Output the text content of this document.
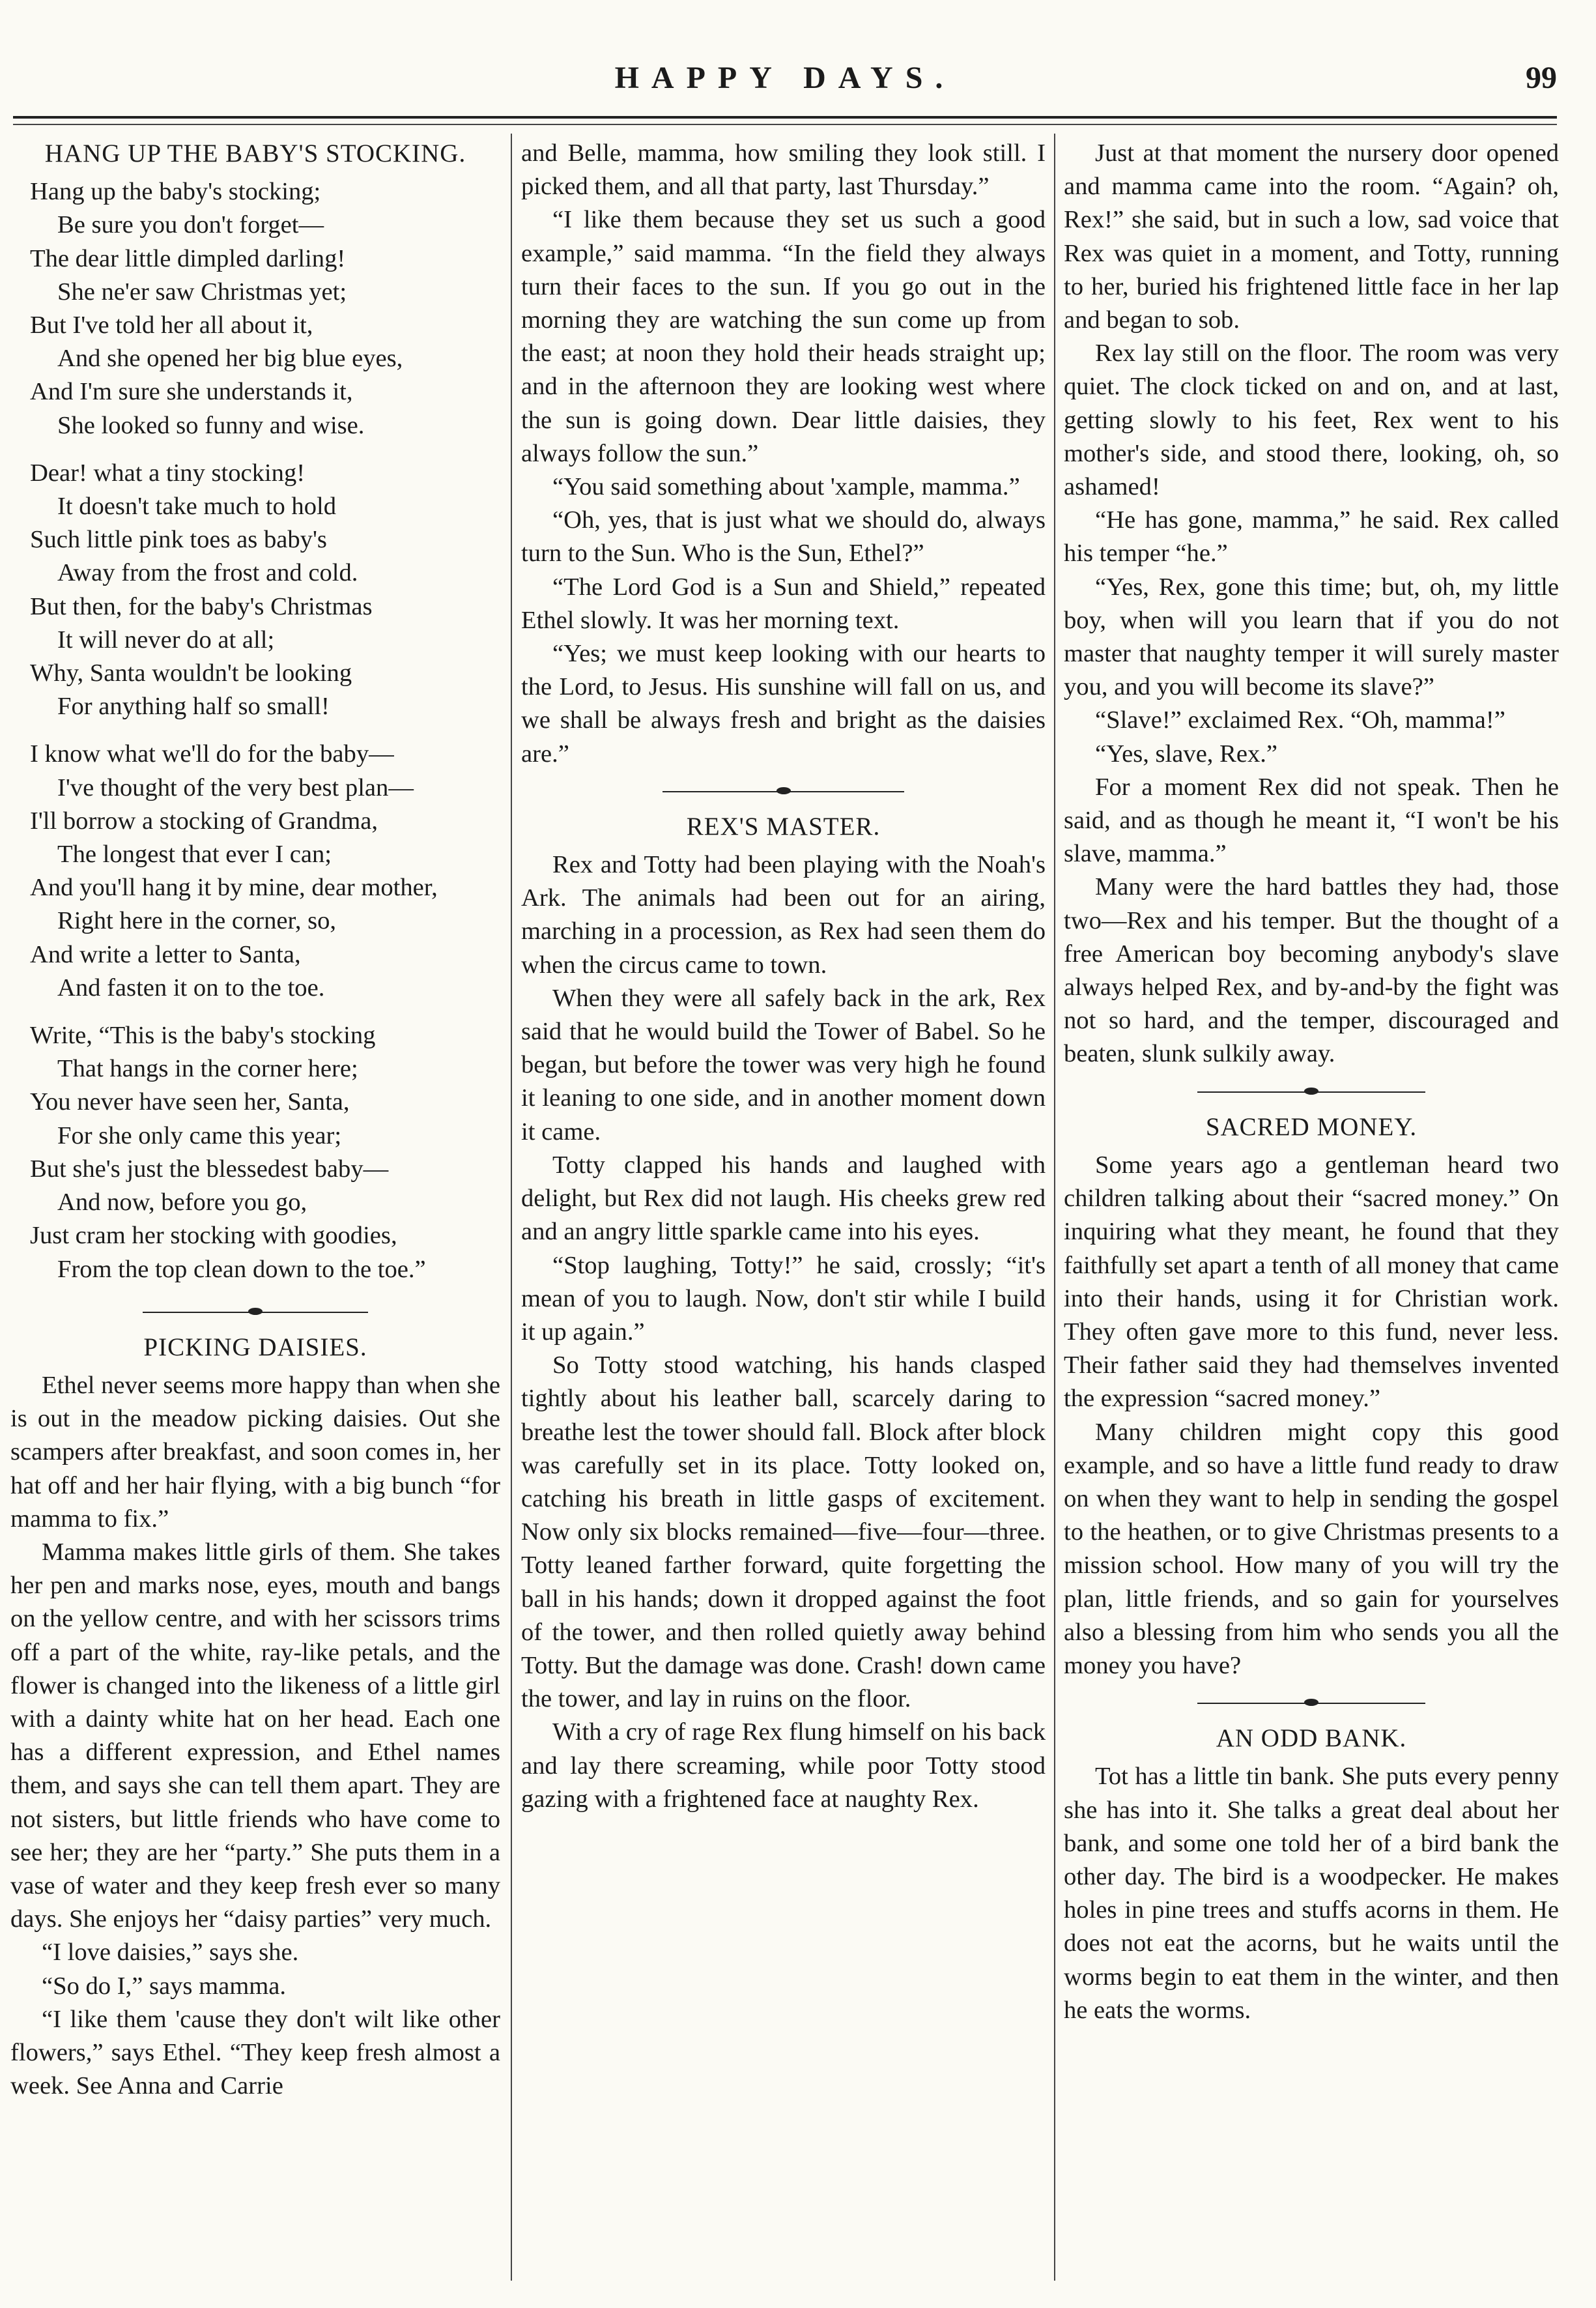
HAPPY DAYS.	99
HANG UP THE BABY'S STOCKING.
Hang up the baby's stocking;
Be sure you don't forget—
The dear little dimpled darling!
She ne'er saw Christmas yet;
But I've told her all about it,
And she opened her big blue eyes,
And I'm sure she understands it,
She looked so funny and wise.
Dear! what a tiny stocking!
It doesn't take much to hold
Such little pink toes as baby's
Away from the frost and cold.
But then, for the baby's Christmas
It will never do at all;
Why, Santa wouldn't be looking
For anything half so small!
I know what we'll do for the baby—
I've thought of the very best plan—
I'll borrow a stocking of Grandma,
The longest that ever I can;
And you'll hang it by mine, dear mother,
Right here in the corner, so,
And write a letter to Santa,
And fasten it on to the toe.
Write, “This is the baby's stocking
That hangs in the corner here;
You never have seen her, Santa,
For she only came this year;
But she's just the blessedest baby—
And now, before you go,
Just cram her stocking with goodies,
From the top clean down to the toe.”
PICKING DAISIES.

Ethel never seems more happy than when she is out in the meadow picking daisies. Out she scampers after breakfast, and soon comes in, her hat off and her hair flying, with a big bunch “for mamma to fix.”

Mamma makes little girls of them. She takes her pen and marks nose, eyes, mouth and bangs on the yellow centre, and with her scissors trims off a part of the white, ray-like petals, and the flower is changed into the likeness of a little girl with a dainty white hat on her head. Each one has a different expression, and Ethel names them, and says she can tell them apart. They are not sisters, but little friends who have come to see her; they are her “party.” She puts them in a vase of water and they keep fresh ever so many days. She enjoys her “daisy parties” very much.

“I love daisies,” says she.

“So do I,” says mamma.

“I like them 'cause they don't wilt like other flowers,” says Ethel. “They keep fresh almost a week. See Anna and Carrie

and Belle, mamma, how smiling they look still. I picked them, and all that party, last Thursday.”

“I like them because they set us such a good example,” said mamma. “In the field they always turn their faces to the sun. If you go out in the morning they are watching the sun come up from the east; at noon they hold their heads straight up; and in the afternoon they are looking west where the sun is going down. Dear little daisies, they always follow the sun.”

“You said something about 'xample, mamma.”

“Oh, yes, that is just what we should do, always turn to the Sun. Who is the Sun, Ethel?”

“The Lord God is a Sun and Shield,” repeated Ethel slowly. It was her morning text.

“Yes; we must keep looking with our hearts to the Lord, to Jesus. His sunshine will fall on us, and we shall be always fresh and bright as the daisies are.”

REX'S MASTER.

Rex and Totty had been playing with the Noah's Ark. The animals had been out for an airing, marching in a procession, as Rex had seen them do when the circus came to town.

When they were all safely back in the ark, Rex said that he would build the Tower of Babel. So he began, but before the tower was very high he found it leaning to one side, and in another moment down it came.

Totty clapped his hands and laughed with delight, but Rex did not laugh. His cheeks grew red and an angry little sparkle came into his eyes.

“Stop laughing, Totty!” he said, crossly; “it's mean of you to laugh. Now, don't stir while I build it up again.”

So Totty stood watching, his hands clasped tightly about his leather ball, scarcely daring to breathe lest the tower should fall. Block after block was carefully set in its place. Totty looked on, catching his breath in little gasps of excitement. Now only six blocks remained—five—four—three. Totty leaned farther forward, quite forgetting the ball in his hands; down it dropped against the foot of the tower, and then rolled quietly away behind Totty. But the damage was done. Crash! down came the tower, and lay in ruins on the floor.

With a cry of rage Rex flung himself on his back and lay there screaming, while poor Totty stood gazing with a frightened face at naughty Rex.

Just at that moment the nursery door opened and mamma came into the room. “Again? oh, Rex!” she said, but in such a low, sad voice that Rex was quiet in a moment, and Totty, running to her, buried his frightened little face in her lap and began to sob.

Rex lay still on the floor. The room was very quiet. The clock ticked on and on, and at last, getting slowly to his feet, Rex went to his mother's side, and stood there, looking, oh, so ashamed!

“He has gone, mamma,” he said. Rex called his temper “he.”

“Yes, Rex, gone this time; but, oh, my little boy, when will you learn that if you do not master that naughty temper it will surely master you, and you will become its slave?”

“Slave!” exclaimed Rex. “Oh, mamma!”

“Yes, slave, Rex.”

For a moment Rex did not speak. Then he said, and as though he meant it, “I won't be his slave, mamma.”

Many were the hard battles they had, those two—Rex and his temper. But the thought of a free American boy becoming anybody's slave always helped Rex, and by-and-by the fight was not so hard, and the temper, discouraged and beaten, slunk sulkily away.

SACRED MONEY.

Some years ago a gentleman heard two children talking about their “sacred money.” On inquiring what they meant, he found that they faithfully set apart a tenth of all money that came into their hands, using it for Christian work. They often gave more to this fund, never less. Their father said they had themselves invented the expression “sacred money.”

Many children might copy this good example, and so have a little fund ready to draw on when they want to help in sending the gospel to the heathen, or to give Christmas presents to a mission school. How many of you will try the plan, little friends, and so gain for yourselves also a blessing from him who sends you all the money you have?

AN ODD BANK.

Tot has a little tin bank. She puts every penny she has into it. She talks a great deal about her bank, and some one told her of a bird bank the other day. The bird is a woodpecker. He makes holes in pine trees and stuffs acorns in them. He does not eat the acorns, but he waits until the worms begin to eat them in the winter, and then he eats the worms.
